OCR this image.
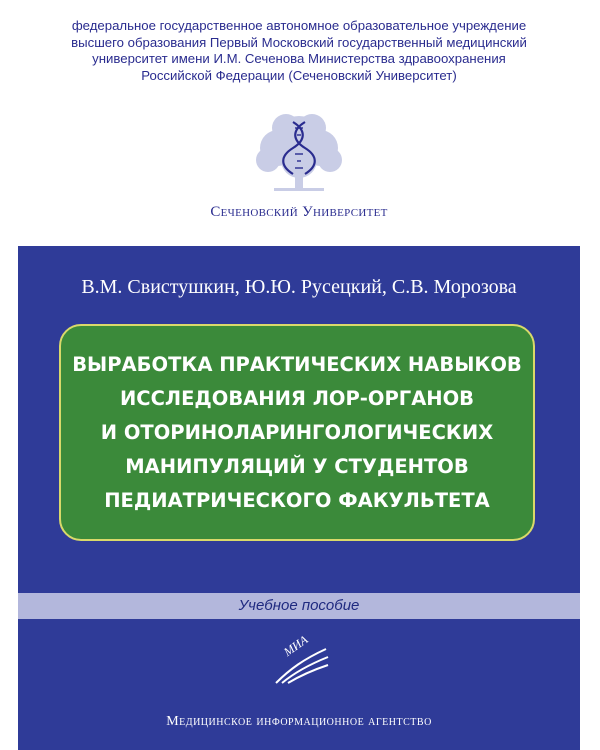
федеральное государственное автономное образовательное учреждение
высшего образования Первый Московский государственный медицинский
университет имени И.М. Сеченова Министерства здравоохранения
Российской Федерации (Сеченовский Университет)
Сеченовский Университет
В.М. Свистушкин, Ю.Ю. Русецкий, С.В. Морозова
ВЫРАБОТКА ПРАКТИЧЕСКИХ НАВЫКОВ
ИССЛЕДОВАНИЯ ЛОР-ОРГАНОВ
И ОТОРИНОЛАРИНГОЛОГИЧЕСКИХ
МАНИПУЛЯЦИЙ У СТУДЕНТОВ
ПЕДИАТРИЧЕСКОГО ФАКУЛЬТЕТА
Учебное пособие
МИА
Медицинское информационное агентство
